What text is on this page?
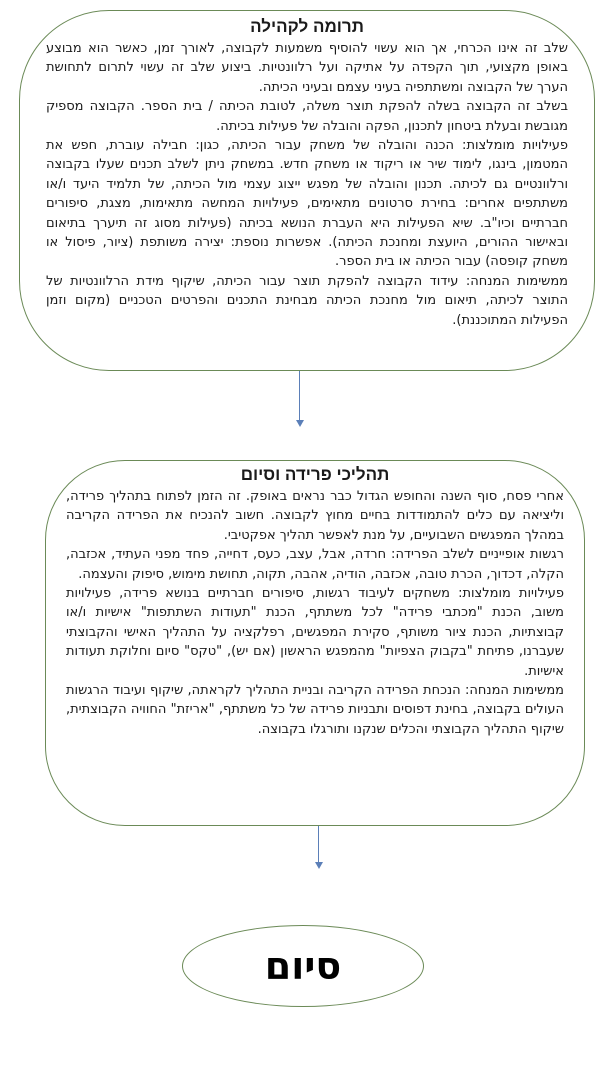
תרומה לקהילה

שלב זה אינו הכרחי, אך הוא עשוי להוסיף משמעות לקבוצה, לאורך זמן, כאשר הוא מבוצע באופן מקצועי, תוך הקפדה על אתיקה ועל רלוונטיות. ביצוע שלב זה עשוי לתרום לתחושת הערך של הקבוצה ומשתתפיה בעיני עצמם ובעיני הכיתה.

בשלב זה הקבוצה בשלה להפקת תוצר משלה, לטובת הכיתה / בית הספר. הקבוצה מספיק מגובשת ובעלת ביטחון לתכנון, הפקה והובלה של פעילות בכיתה.

פעילויות מומלצות: הכנה והובלה של משחק עבור הכיתה, כגון: חבילה עוברת, חפש את המטמון, בינגו, לימוד שיר או ריקוד או משחק חדש. במשחק ניתן לשלב תכנים שעלו בקבוצה ורלוונטיים גם לכיתה. תכנון והובלה של מפגש ייצוג עצמי מול הכיתה, של תלמיד היעד ו/או משתתפים אחרים: בחירת סרטונים מתאימים, פעילויות המחשה מתאימות, מצגת, סיפורים חברתיים וכיו"ב. שיא הפעילות היא העברת הנושא בכיתה (פעילות מסוג זה תיערך בתיאום ובאישור ההורים, היועצת ומחנכת הכיתה). אפשרות נוספת: יצירה משותפת (ציור, פיסול או משחק קופסה) עבור הכיתה או בית הספר.

ממשימות המנחה: עידוד הקבוצה להפקת תוצר עבור הכיתה, שיקוף מידת הרלוונטיות של התוצר לכיתה, תיאום מול מחנכת הכיתה מבחינת התכנים והפרטים הטכניים (מקום וזמן הפעילות המתוכננת).

תהליכי פרידה וסיום

אחרי פסח, סוף השנה והחופש הגדול כבר נראים באופק. זה הזמן לפתוח בתהליך פרידה, וליציאה עם כלים להתמודדות בחיים מחוץ לקבוצה. חשוב להנכיח את הפרידה הקריבה במהלך המפגשים השבועיים, על מנת לאפשר תהליך אפקטיבי.

רגשות אופייניים לשלב הפרידה: חרדה, אבל, עצב, כעס, דחייה, פחד מפני העתיד, אכזבה, הקלה, דכדוך, הכרת טובה, אכזבה, הודיה, אהבה, תקוה, תחושת מימוש, סיפוק והעצמה.

פעילויות מומלצות: משחקים לעיבוד רגשות, סיפורים חברתיים בנושא פרידה, פעילויות משוב, הכנת "מכתבי פרידה" לכל משתתף, הכנת "תעודות השתתפות" אישיות ו/או קבוצתיות, הכנת ציור משותף, סקירת המפגשים, רפלקציה על התהליך האישי והקבוצתי שעברנו, פתיחת "בקבוק הצפיות" מהמפגש הראשון (אם יש), "טקס" סיום וחלוקת תעודות אישיות.

ממשימות המנחה: הנכחת הפרידה הקריבה ובניית התהליך לקראתה, שיקוף ועיבוד הרגשות העולים בקבוצה, בחינת דפוסים ותבניות פרידה של כל משתתף, "אריזת" החוויה הקבוצתית, שיקוף התהליך הקבוצתי והכלים שנקנו ותורגלו בקבוצה.

סיום
